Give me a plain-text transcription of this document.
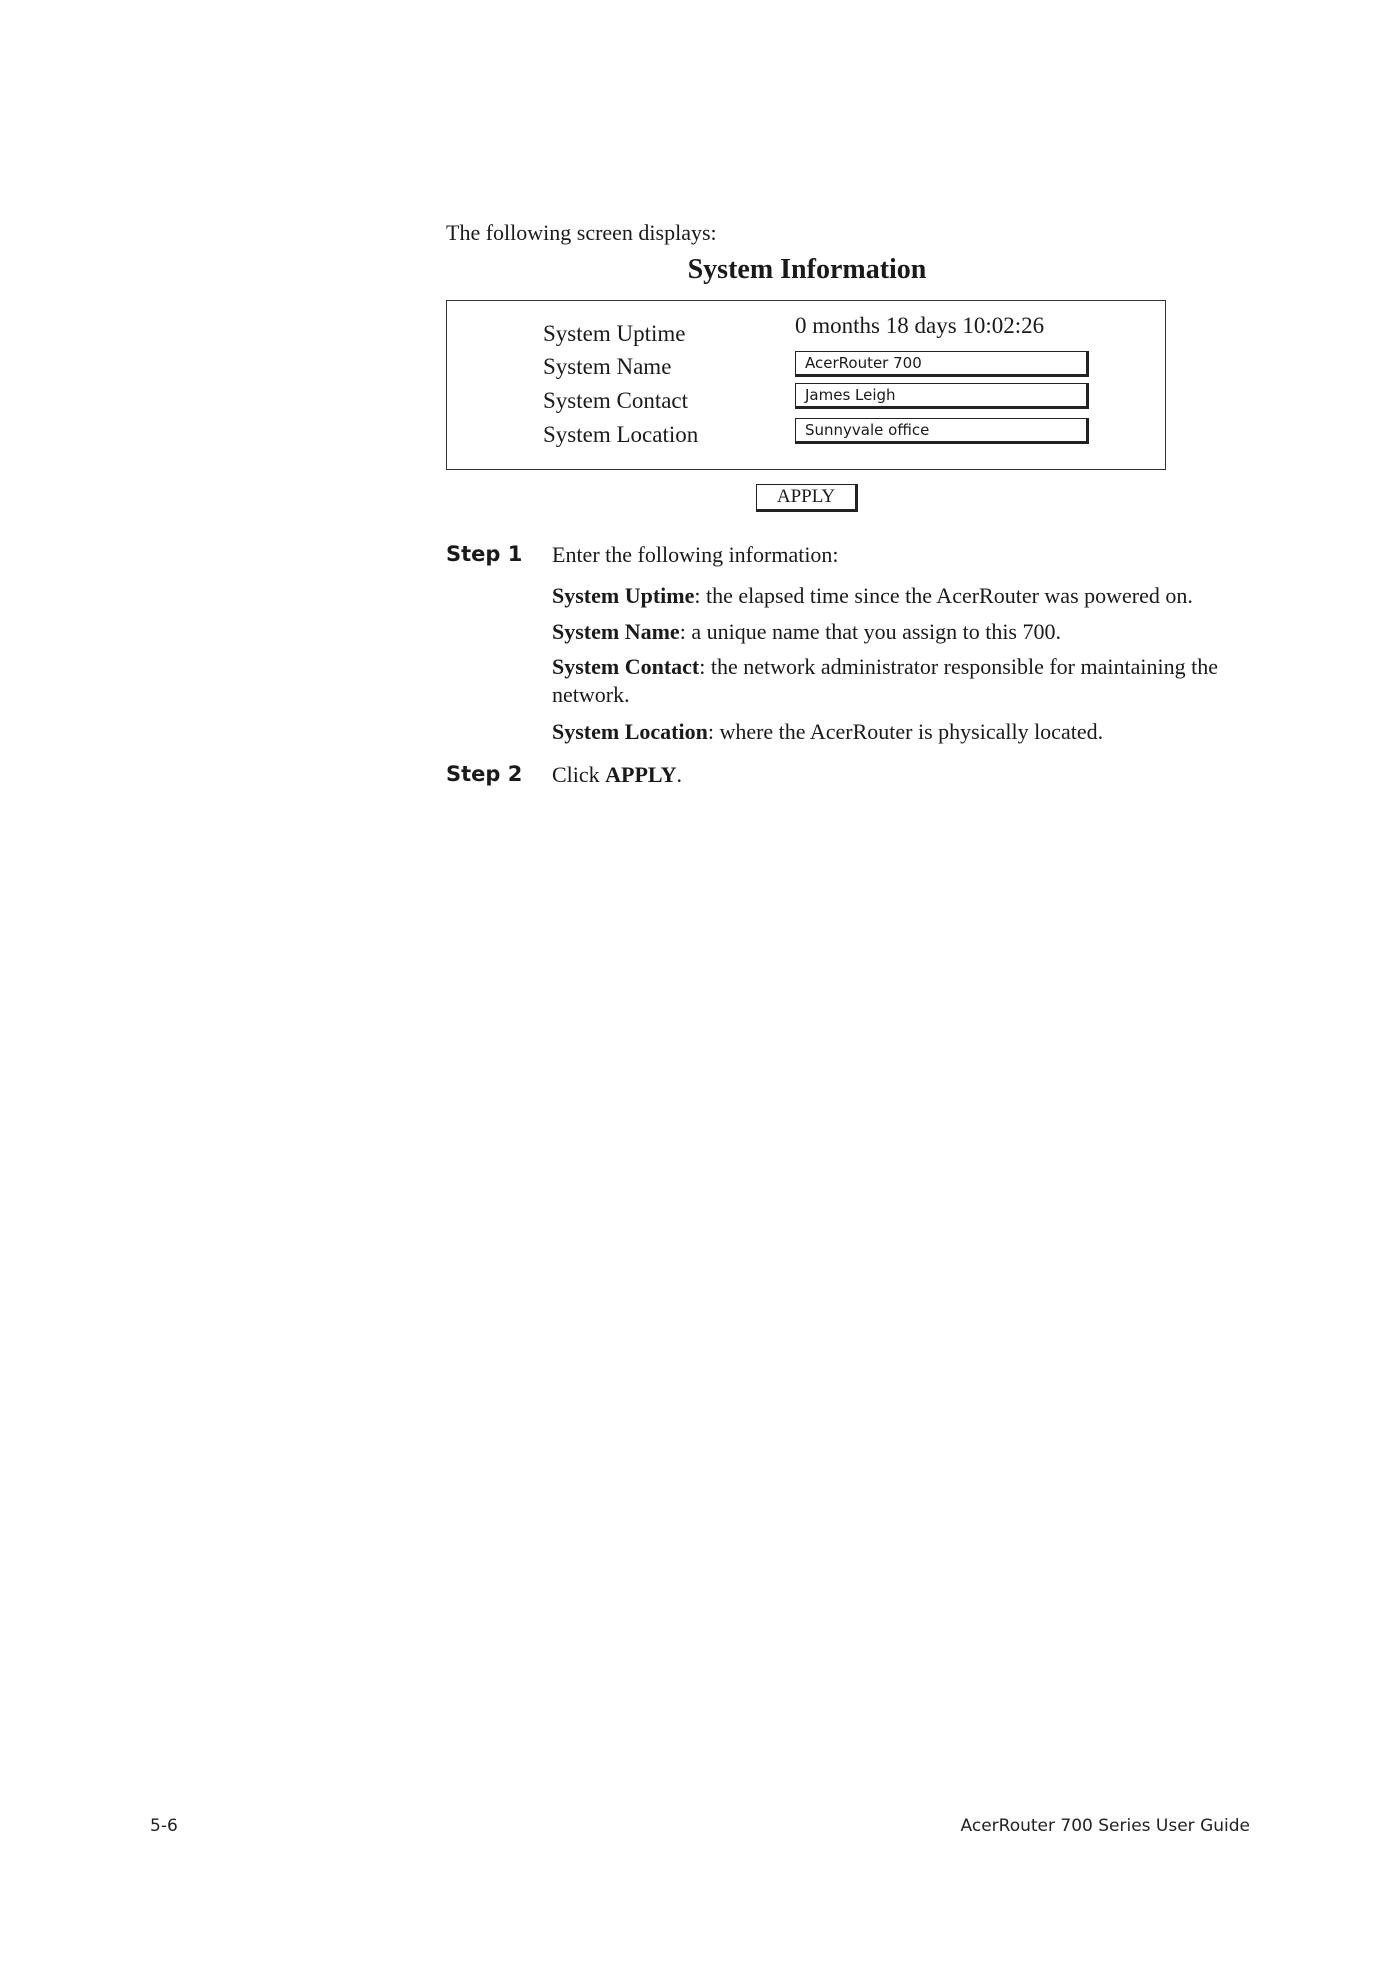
The following screen displays:
System Information
System Uptime
System Name
System Contact
System Location
0 months 18 days 10:02:26
AcerRouter 700
James Leigh
Sunnyvale office
APPLY
Step 1 Enter the following information:
System Uptime: the elapsed time since the AcerRouter was powered on.
System Name: a unique name that you assign to this 700.
System Contact: the network administrator responsible for maintaining the network.
System Location: where the AcerRouter is physically located.
Step 2 Click APPLY.
5-6	AcerRouter 700 Series User Guide
